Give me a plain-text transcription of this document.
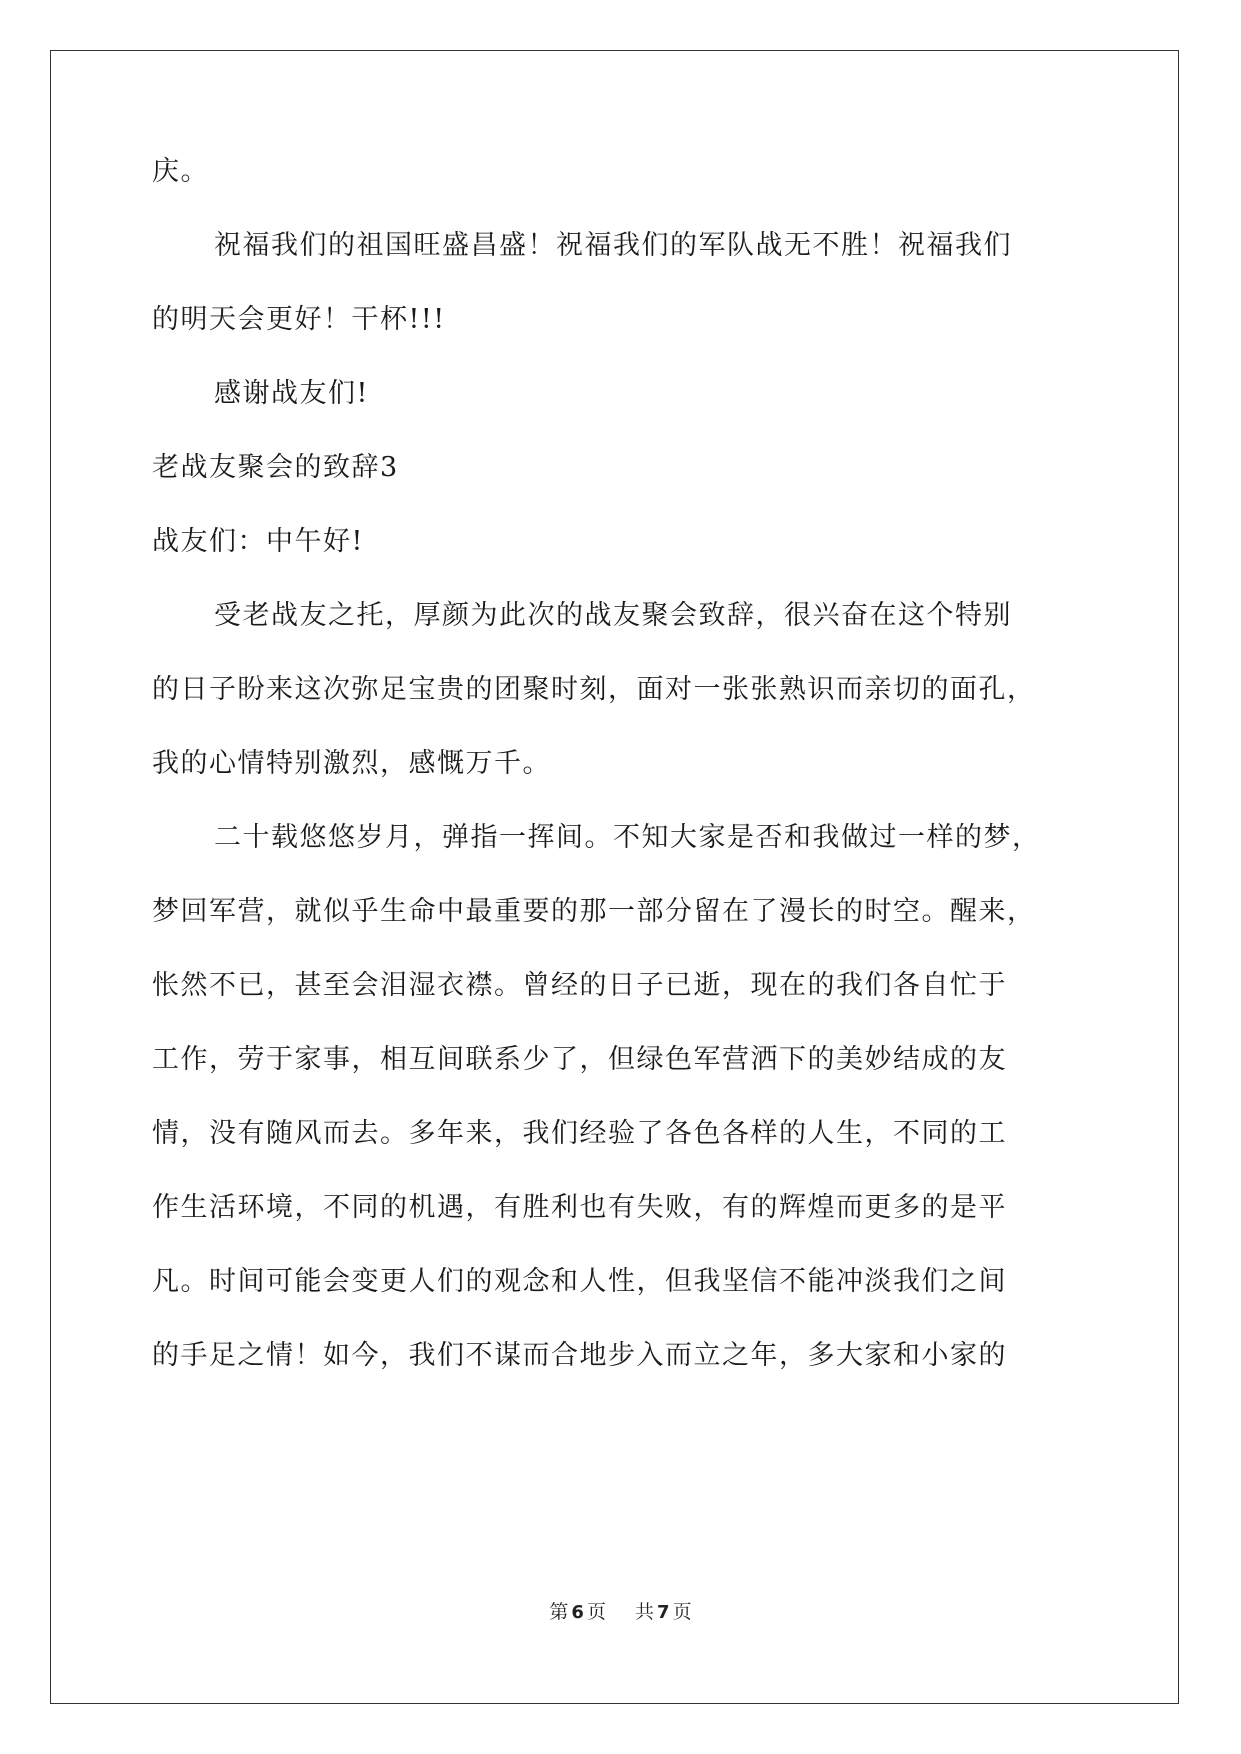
庆。
祝福我们的祖国旺盛昌盛！祝福我们的军队战无不胜！祝福我们
的明天会更好！干杯!!!
感谢战友们!
老战友聚会的致辞3
战友们：中午好!
受老战友之托，厚颜为此次的战友聚会致辞，很兴奋在这个特别
的日子盼来这次弥足宝贵的团聚时刻，面对一张张熟识而亲切的面孔，
我的心情特别激烈，感慨万千。
二十载悠悠岁月，弹指一挥间。不知大家是否和我做过一样的梦，
梦回军营，就似乎生命中最重要的那一部分留在了漫长的时空。醒来，
怅然不已，甚至会泪湿衣襟。曾经的日子已逝，现在的我们各自忙于
工作，劳于家事，相互间联系少了，但绿色军营洒下的美妙结成的友
情，没有随风而去。多年来，我们经验了各色各样的人生，不同的工
作生活环境，不同的机遇，有胜利也有失败，有的辉煌而更多的是平
凡。时间可能会变更人们的观念和人性，但我坚信不能冲淡我们之间
的手足之情！如今，我们不谋而合地步入而立之年，多大家和小家的
第 6 页 共 7 页
